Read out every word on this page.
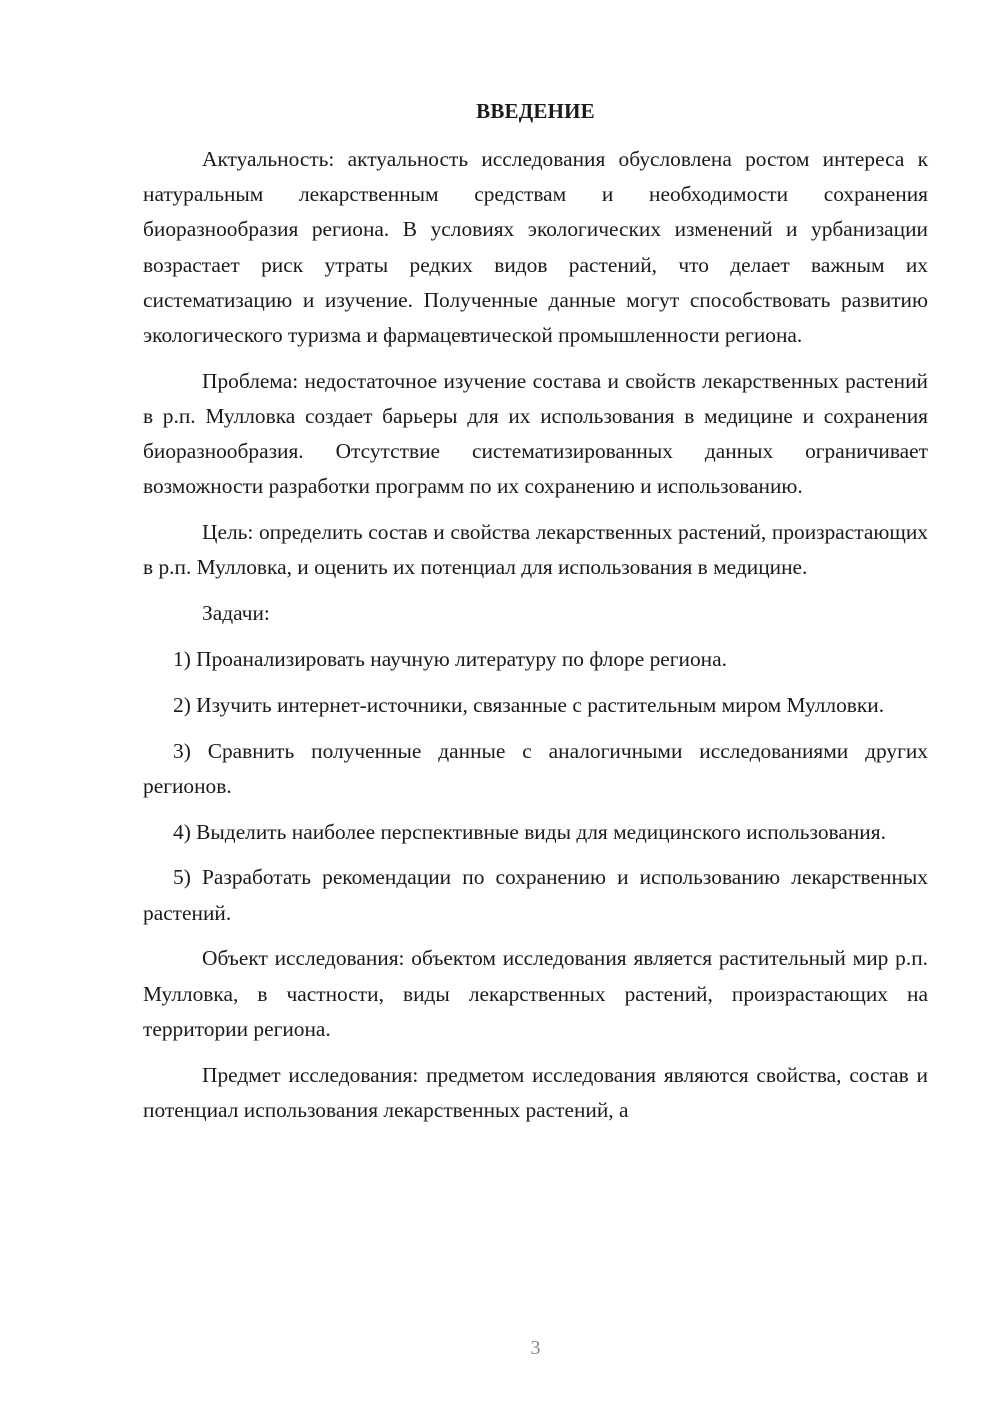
ВВЕДЕНИЕ

Актуальность: актуальность исследования обусловлена ростом интереса к натуральным лекарственным средствам и необходимости сохранения биоразнообразия региона. В условиях экологических изменений и урбанизации возрастает риск утраты редких видов растений, что делает важным их систематизацию и изучение. Полученные данные могут способствовать развитию экологического туризма и фармацевтической промышленности региона.

Проблема: недостаточное изучение состава и свойств лекарственных растений в р.п. Мулловка создает барьеры для их использования в медицине и сохранения биоразнообразия. Отсутствие систематизированных данных ограничивает возможности разработки программ по их сохранению и использованию.

Цель: определить состав и свойства лекарственных растений, произрастающих в р.п. Мулловка, и оценить их потенциал для использования в медицине.

Задачи:

1) Проанализировать научную литературу по флоре региона.

2) Изучить интернет-источники, связанные с растительным миром Мулловки.

3) Сравнить полученные данные с аналогичными исследованиями других регионов.

4) Выделить наиболее перспективные виды для медицинского использования.

5) Разработать рекомендации по сохранению и использованию лекарственных растений.

Объект исследования: объектом исследования является растительный мир р.п. Мулловка, в частности, виды лекарственных растений, произрастающих на территории региона.

Предмет исследования: предметом исследования являются свойства, состав и потенциал использования лекарственных растений, а

3
